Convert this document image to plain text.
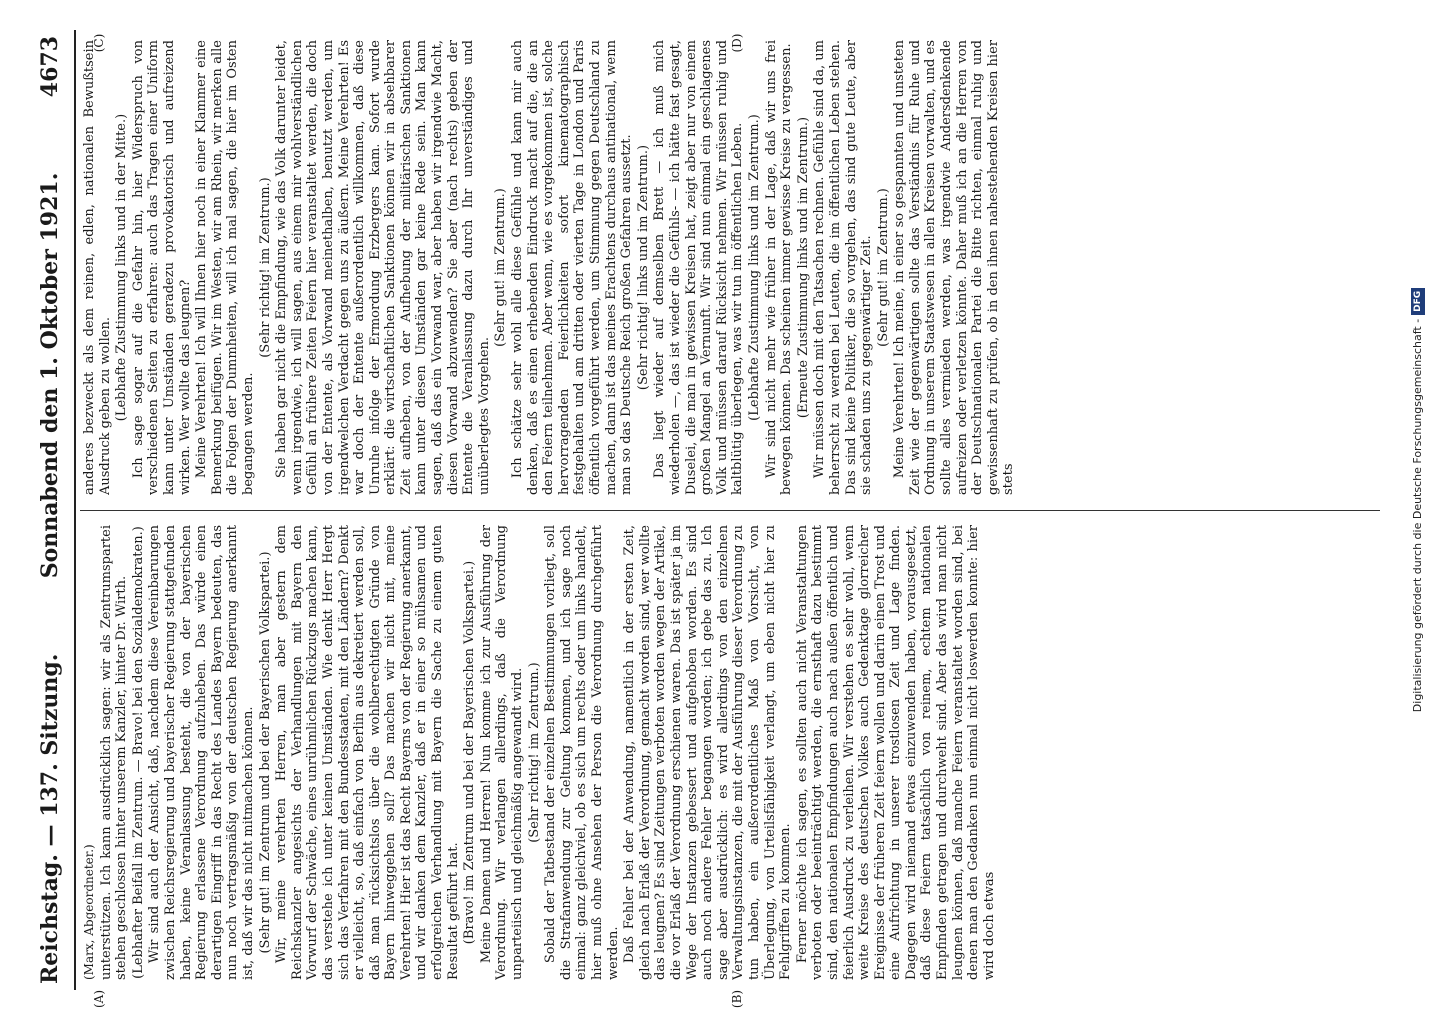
Reichstag. — 137. Sitzung.
Sonnabend den 1. Oktober 1921.
4673
(A)	(B)
(C)	(D)

(Marx, Abgeordneter.) unterstützen. Ich kann ausdrücklich sagen: wir als Zentrumspartei stehen geschlossen hinter unserem Kanzler, hinter Dr. Wirth. (Lebhafter Beifall im Zentrum. — Bravo! bei den Sozialdemokraten.) Wir sind auch der Ansicht, daß, nachdem diese Vereinbarungen zwischen Reichsregierung und bayerischer Regierung stattgefunden haben, keine Veranlassung besteht, die von der bayerischen Regierung erlassene Verordnung aufzuheben. Das würde einen derartigen Eingriff in das Recht des Landes Bayern bedeuten, das nun noch vertragsmäßig von der deutschen Regierung anerkannt ist, daß wir das nicht mitmachen können. (Sehr gut! im Zentrum und bei der Bayerischen Volkspartei.) Wir, meine verehrten Herren, man aber gestern dem Reichskanzler angesichts der Verhandlungen mit Bayern den Vorwurf der Schwäche, eines unrühmlichen Rückzugs machen kann, das verstehe ich unter keinen Umständen. Wie denkt Herr Hergt sich das Verfahren mit den Bundesstaaten, mit den Ländern? Denkt er vielleicht, so, daß einfach von Berlin aus dekretiert werden soll, daß man rücksichtslos über die wohlberechtigten Gründe von Bayern hinweggehen soll? Das machen wir nicht mit, meine Verehrten! Hier ist das Recht Bayerns von der Regierung anerkannt, und wir danken dem Kanzler, daß er in einer so mühsamen und erfolgreichen Verhandlung mit Bayern die Sache zu einem guten Resultat geführt hat. (Bravo! im Zentrum und bei der Bayerischen Volkspartei.) Meine Damen und Herren! Nun komme ich zur Ausführung der Verordnung. Wir verlangen allerdings, daß die Verordnung unparteiisch und gleichmäßig angewandt wird. (Sehr richtig! im Zentrum.) Sobald der Tatbestand der einzelnen Bestimmungen vorliegt, soll die Strafanwendung zur Geltung kommen, und ich sage noch einmal: ganz gleichviel, ob es sich um rechts oder um links handelt, hier muß ohne Ansehen der Person die Verordnung durchgeführt werden. Daß Fehler bei der Anwendung, namentlich in der ersten Zeit, gleich nach Erlaß der Verordnung, gemacht worden sind, wer wollte das leugnen? Es sind Zeitungen verboten worden wegen der Artikel, die vor Erlaß der Verordnung erschienen waren. Das ist später ja im Wege der Instanzen gebessert und aufgehoben worden. Es sind auch noch andere Fehler begangen worden; ich gebe das zu. Ich sage aber ausdrücklich: es wird allerdings von den einzelnen Verwaltungsinstanzen, die mit der Ausführung dieser Verordnung zu tun haben, ein außerordentliches Maß von Vorsicht, von Überlegung, von Urteilsfähigkeit verlangt, um eben nicht hier zu Fehlgriffen zu kommen. Ferner möchte ich sagen, es sollten auch nicht Veranstaltungen verboten oder beeinträchtigt werden, die ernsthaft dazu bestimmt sind, den nationalen Empfindungen auch nach außen öffentlich und feierlich Ausdruck zu verleihen. Wir verstehen es sehr wohl, wenn weite Kreise des deutschen Volkes auch Gedenktage glorreicher Ereignisse der früheren Zeit feiern wollen und darin einen Trost und eine Aufrichtung in unserer trostlosen Zeit und Lage finden. Dagegen wird niemand etwas einzuwenden haben, vorausgesetzt, daß diese Feiern tatsächlich von reinem, echtem nationalen Empfinden getragen und durchweht sind. Aber das wird man nicht leugnen können, daß manche Feiern veranstaltet worden sind, bei denen man den Gedanken nun einmal nicht loswerden konnte: hier wird doch etwas

anderes bezweckt als dem reinen, edlen, nationalen Bewußtsein Ausdruck geben zu wollen. (Lebhafte Zustimmung links und in der Mitte.) Ich sage sogar auf die Gefahr hin, hier Widerspruch von verschiedenen Seiten zu erfahren: auch das Tragen einer Uniform kann unter Umständen geradezu provokatorisch und aufreizend wirken. Wer wollte das leugnen? Meine Verehrten! Ich will Ihnen hier noch in einer Klammer eine Bemerkung beifügen. Wir im Westen, wir am Rhein, wir merken alle die Folgen der Dummheiten, will ich mal sagen, die hier im Osten begangen werden.

(Sehr richtig! im Zentrum.) Sie haben gar nicht die Empfindung, wie das Volk darunter leidet, wenn irgendwie, ich will sagen, aus einem mir wohlverständlichen Gefühl an frühere Zeiten Feiern hier veranstaltet werden, die doch von der Entente, als Vorwand meinethalben, benutzt werden, um irgendwelchen Verdacht gegen uns zu äußern. Meine Verehrten! Es war doch der Entente außerordentlich willkommen, daß diese Unruhe infolge der Ermordung Erzbergers kam. Sofort wurde erklärt: die wirtschaftlichen Sanktionen können wir in absehbarer Zeit aufheben, von der Aufhebung der militärischen Sanktionen kann unter diesen Umständen gar keine Rede sein. Man kann sagen, daß das ein Vorwand war, aber haben wir irgendwie Macht, diesen Vorwand abzuwenden? Sie aber (nach rechts) geben der Entente die Veranlassung dazu durch Ihr unverständiges und unüberlegtes Vorgehen.

(Sehr gut! im Zentrum.) Ich schätze sehr wohl alle diese Gefühle und kann mir auch denken, daß es einen erhebenden Eindruck macht auf die, die an den Feiern teilnehmen. Aber wenn, wie es vorgekommen ist, solche hervorragenden Feierlichkeiten sofort kinematographisch festgehalten und am dritten oder vierten Tage in London und Paris öffentlich vorgeführt werden, um Stimmung gegen Deutschland zu machen, dann ist das meines Erachtens durchaus antinational, wenn man so das Deutsche Reich großen Gefahren aussetzt. (Sehr richtig! links und im Zentrum.) Das liegt wieder auf demselben Brett — ich muß mich wiederholen —, das ist wieder die Gefühls- — ich hätte fast gesagt, Duselei, die man in gewissen Kreisen hat, zeigt aber nur von einem großen Mangel an Vernunft. Wir sind nun einmal ein geschlagenes Volk und müssen darauf Rücksicht nehmen. Wir müssen ruhig und kaltblütig überlegen, was wir tun im öffentlichen Leben. (Lebhafte Zustimmung links und im Zentrum.) Wir sind nicht mehr wie früher in der Lage, daß wir uns frei bewegen können. Das scheinen immer gewisse Kreise zu vergessen. (Erneute Zustimmung links und im Zentrum.) Wir müssen doch mit den Tatsachen rechnen. Gefühle sind da, um beherrscht zu werden bei Leuten, die im öffentlichen Leben stehen. Das sind keine Politiker, die so vorgehen, das sind gute Leute, aber sie schaden uns zu gegenwärtiger Zeit. (Sehr gut! im Zentrum.) Meine Verehrten! Ich meine, in einer so gespannten und unsteten Zeit wie der gegenwärtigen sollte das Verständnis für Ruhe und Ordnung in unserem Staatswesen in allen Kreisen vorwalten, und es sollte alles vermieden werden, was irgendwie Andersdenkende aufreizen oder verletzen könnte. Daher muß ich an die Herren von der Deutschnationalen Partei die Bitte richten, einmal ruhig und gewissenhaft zu prüfen, ob in den ihnen nahestehenden Kreisen hier stets	Digitalisierung gefördert durch die Deutsche Forschungsgemeinschaft -DFG
